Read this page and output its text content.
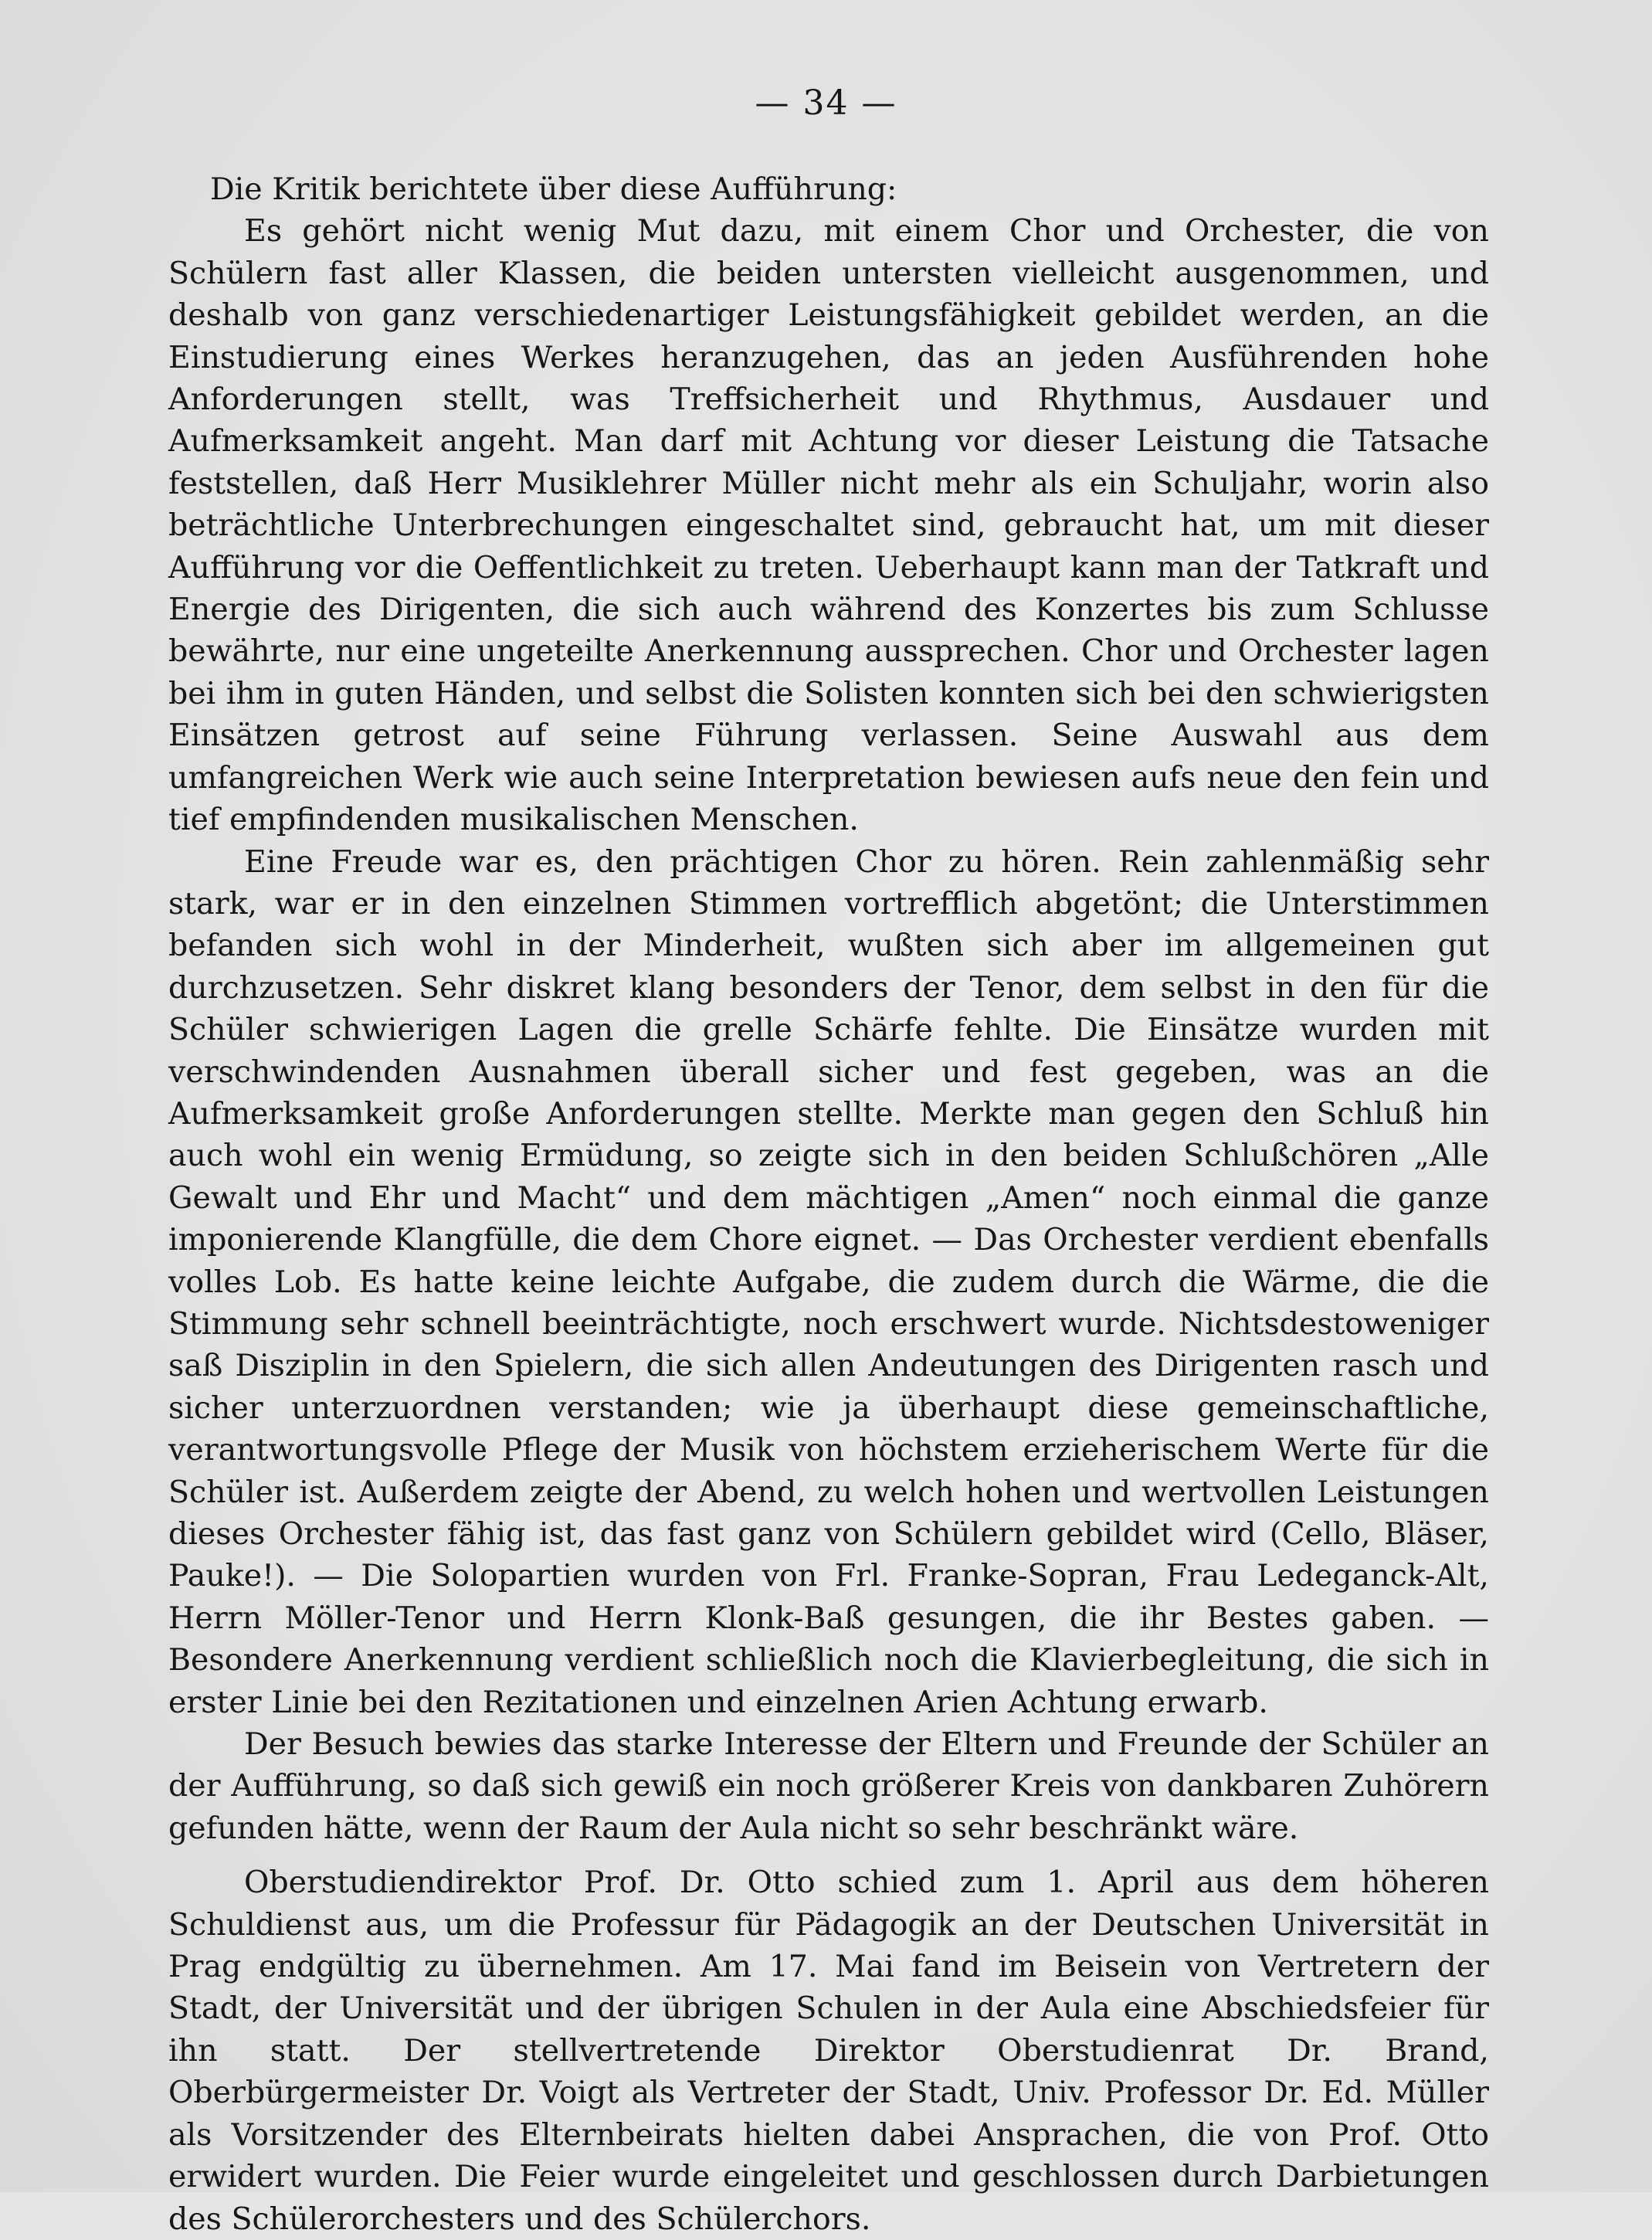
— 34 —

Die Kritik berichtete über diese Aufführung:

Es gehört nicht wenig Mut dazu, mit einem Chor und Orchester, die von Schülern fast aller Klassen, die beiden untersten vielleicht ausgenommen, und deshalb von ganz verschiedenartiger Leistungsfähigkeit gebildet werden, an die Einstudierung eines Werkes heranzugehen, das an jeden Ausführenden hohe Anforderungen stellt, was Treffsicherheit und Rhythmus, Ausdauer und Aufmerksamkeit angeht. Man darf mit Achtung vor dieser Leistung die Tatsache feststellen, daß Herr Musiklehrer Müller nicht mehr als ein Schuljahr, worin also beträchtliche Unterbrechungen eingeschaltet sind, gebraucht hat, um mit dieser Aufführung vor die Oeffentlichkeit zu treten. Ueberhaupt kann man der Tatkraft und Energie des Dirigenten, die sich auch während des Konzertes bis zum Schlusse bewährte, nur eine ungeteilte Anerkennung aussprechen. Chor und Orchester lagen bei ihm in guten Händen, und selbst die Solisten konnten sich bei den schwierigsten Einsätzen getrost auf seine Führung verlassen. Seine Auswahl aus dem umfangreichen Werk wie auch seine Interpretation bewiesen aufs neue den fein und tief empfindenden musikalischen Menschen.

Eine Freude war es, den prächtigen Chor zu hören. Rein zahlenmäßig sehr stark, war er in den einzelnen Stimmen vortrefflich abgetönt; die Unterstimmen befanden sich wohl in der Minderheit, wußten sich aber im allgemeinen gut durchzusetzen. Sehr diskret klang besonders der Tenor, dem selbst in den für die Schüler schwierigen Lagen die grelle Schärfe fehlte. Die Einsätze wurden mit verschwindenden Ausnahmen überall sicher und fest gegeben, was an die Aufmerksamkeit große Anforderungen stellte. Merkte man gegen den Schluß hin auch wohl ein wenig Ermüdung, so zeigte sich in den beiden Schlußchören „Alle Gewalt und Ehr und Macht“ und dem mächtigen „Amen“ noch einmal die ganze imponierende Klangfülle, die dem Chore eignet. — Das Orchester verdient ebenfalls volles Lob. Es hatte keine leichte Aufgabe, die zudem durch die Wärme, die die Stimmung sehr schnell beeinträchtigte, noch erschwert wurde. Nichtsdestoweniger saß Disziplin in den Spielern, die sich allen Andeutungen des Dirigenten rasch und sicher unterzuordnen verstanden; wie ja überhaupt diese gemeinschaftliche, verantwortungsvolle Pflege der Musik von höchstem erzieherischem Werte für die Schüler ist. Außerdem zeigte der Abend, zu welch hohen und wertvollen Leistungen dieses Orchester fähig ist, das fast ganz von Schülern gebildet wird (Cello, Bläser, Pauke!). — Die Solopartien wurden von Frl. Franke-Sopran, Frau Ledeganck-Alt, Herrn Möller-Tenor und Herrn Klonk-Baß gesungen, die ihr Bestes gaben. — Besondere Anerkennung verdient schließlich noch die Klavierbegleitung, die sich in erster Linie bei den Rezitationen und einzelnen Arien Achtung erwarb.

Der Besuch bewies das starke Interesse der Eltern und Freunde der Schüler an der Aufführung, so daß sich gewiß ein noch größerer Kreis von dankbaren Zuhörern gefunden hätte, wenn der Raum der Aula nicht so sehr beschränkt wäre.

Oberstudiendirektor Prof. Dr. Otto schied zum 1. April aus dem höheren Schuldienst aus, um die Professur für Pädagogik an der Deutschen Universität in Prag endgültig zu übernehmen. Am 17. Mai fand im Beisein von Vertretern der Stadt, der Universität und der übrigen Schulen in der Aula eine Abschiedsfeier für ihn statt. Der stellvertretende Direktor Oberstudienrat Dr. Brand, Oberbürgermeister Dr. Voigt als Vertreter der Stadt, Univ. Professor Dr. Ed. Müller als Vorsitzender des Elternbeirats hielten dabei Ansprachen, die von Prof. Otto erwidert wurden. Die Feier wurde eingeleitet und geschlossen durch Darbietungen des Schülerorchesters und des Schülerchors.
